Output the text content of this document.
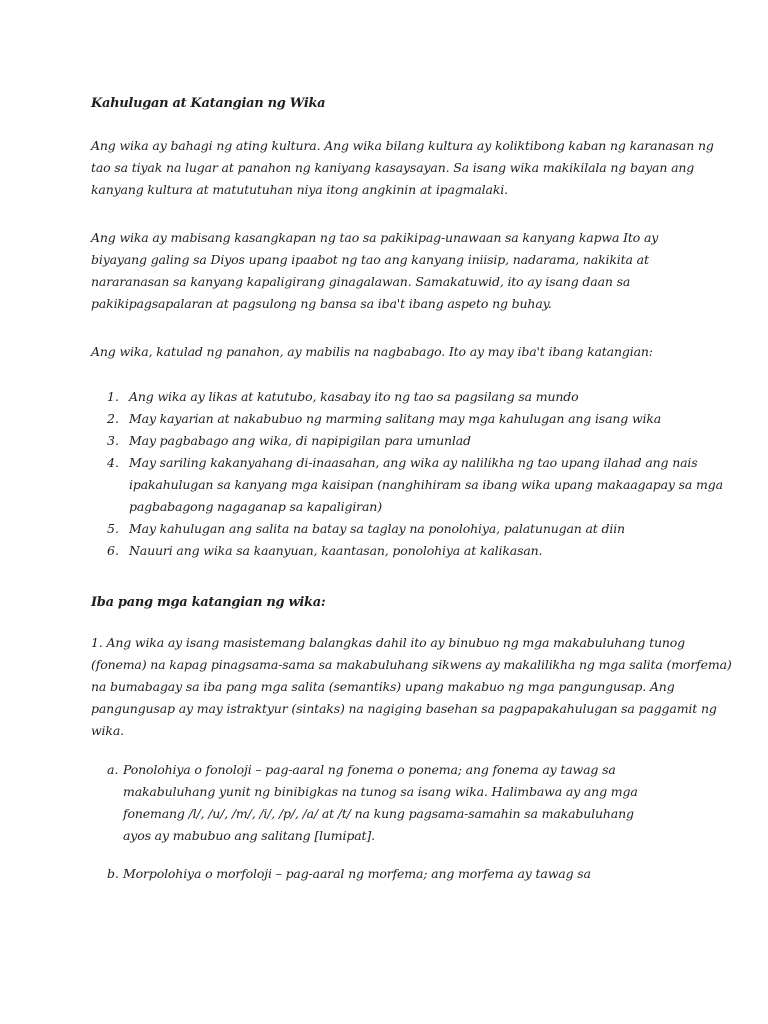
Kahulugan at Katangian ng Wika
Ang wika ay bahagi ng ating kultura. Ang wika bilang kultura ay koliktibong kaban ng karanasan ng
tao sa tiyak na lugar at panahon ng kaniyang kasaysayan. Sa isang wika makikilala ng bayan ang
kanyang kultura at matututuhan niya itong angkinin at ipagmalaki.
Ang wika ay mabisang kasangkapan ng tao sa pakikipag-unawaan sa kanyang kapwa Ito ay
biyayang galing sa Diyos upang ipaabot ng tao ang kanyang iniisip, nadarama, nakikita at
nararanasan sa kanyang kapaligirang ginagalawan. Samakatuwid, ito ay isang daan sa
pakikipagsapalaran at pagsulong ng bansa sa iba't ibang aspeto ng buhay.
Ang wika, katulad ng panahon, ay mabilis na nagbabago. Ito ay may iba't ibang katangian:
1. Ang wika ay likas at katutubo, kasabay ito ng tao sa pagsilang sa mundo
2. May kayarian at nakabubuo ng marming salitang may mga kahulugan ang isang wika
3. May pagbabago ang wika, di napipigilan para umunlad
4. May sariling kakanyahang di-inaasahan, ang wika ay nalilikha ng tao upang ilahad ang nais
ipakahulugan sa kanyang mga kaisipan (nanghihiram sa ibang wika upang makaagapay sa mga
pagbabagong nagaganap sa kapaligiran)
5. May kahulugan ang salita na batay sa taglay na ponolohiya, palatunugan at diin
6. Nauuri ang wika sa kaanyuan, kaantasan, ponolohiya at kalikasan.
Iba pang mga katangian ng wika:
1. Ang wika ay isang masistemang balangkas dahil ito ay binubuo ng mga makabuluhang tunog
(fonema) na kapag pinagsama-sama sa makabuluhang sikwens ay makalilikha ng mga salita (morfema)
na bumabagay sa iba pang mga salita (semantiks) upang makabuo ng mga pangungusap. Ang
pangungusap ay may istraktyur (sintaks) na nagiging basehan sa pagpapakahulugan sa paggamit ng
wika.
a. Ponolohiya o fonoloji – pag-aaral ng fonema o ponema; ang fonema ay tawag sa
makabuluhang yunit ng binibigkas na tunog sa isang wika. Halimbawa ay ang mga
fonemang /l/, /u/, /m/, /i/, /p/, /a/ at /t/ na kung pagsama-samahin sa makabuluhang
ayos ay mabubuo ang salitang [lumipat].
b. Morpolohiya o morfoloji – pag-aaral ng morfema; ang morfema ay tawag sa
